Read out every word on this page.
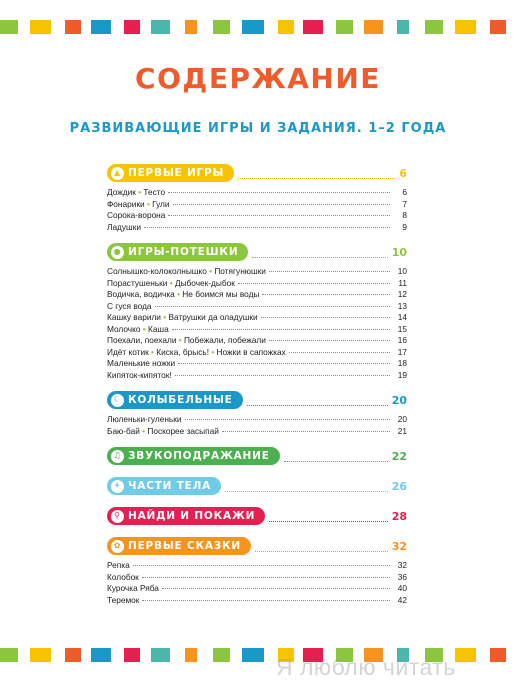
СОДЕРЖАНИЕ
РАЗВИВАЮЩИЕ ИГРЫ И ЗАДАНИЯ. 1–2 ГОДА
▲ ПЕРВЫЕ ИГРЫ	6
Дождик • Тесто	6
Фонарики • Гули	7
Сорока-ворона	8
Ладушки	9
● ИГРЫ-ПОТЕШКИ	10
Солнышко-колоколнышко • Потягунюшки	10
Порастушеньки • Дыбочек-дыбок	11
Водичка, водичка • Не боимся мы воды	12
С гуся вода	13
Кашку варили • Ватрушки да оладушки	14
Молочко • Каша	15
Поехали, поехали • Побежали, побежали	16
Идёт котик • Киска, брысь! • Ножки в сапожках	17
Маленькие ножки	18
Кипяток-кипяток!	19
☾ КОЛЫБЕЛЬНЫЕ	20
Люленьки-гуленьки	20
Баю-бай • Поскорее засыпай	21
♫ ЗВУКОПОДРАЖАНИЕ	22
✦ ЧАСТИ ТЕЛА	26
⚲ НАЙДИ И ПОКАЖИ	28
✿ ПЕРВЫЕ СКАЗКИ	32
Репка	32
Колобок	36
Курочка Ряба	40
Теремок	42
Я люблю читать
